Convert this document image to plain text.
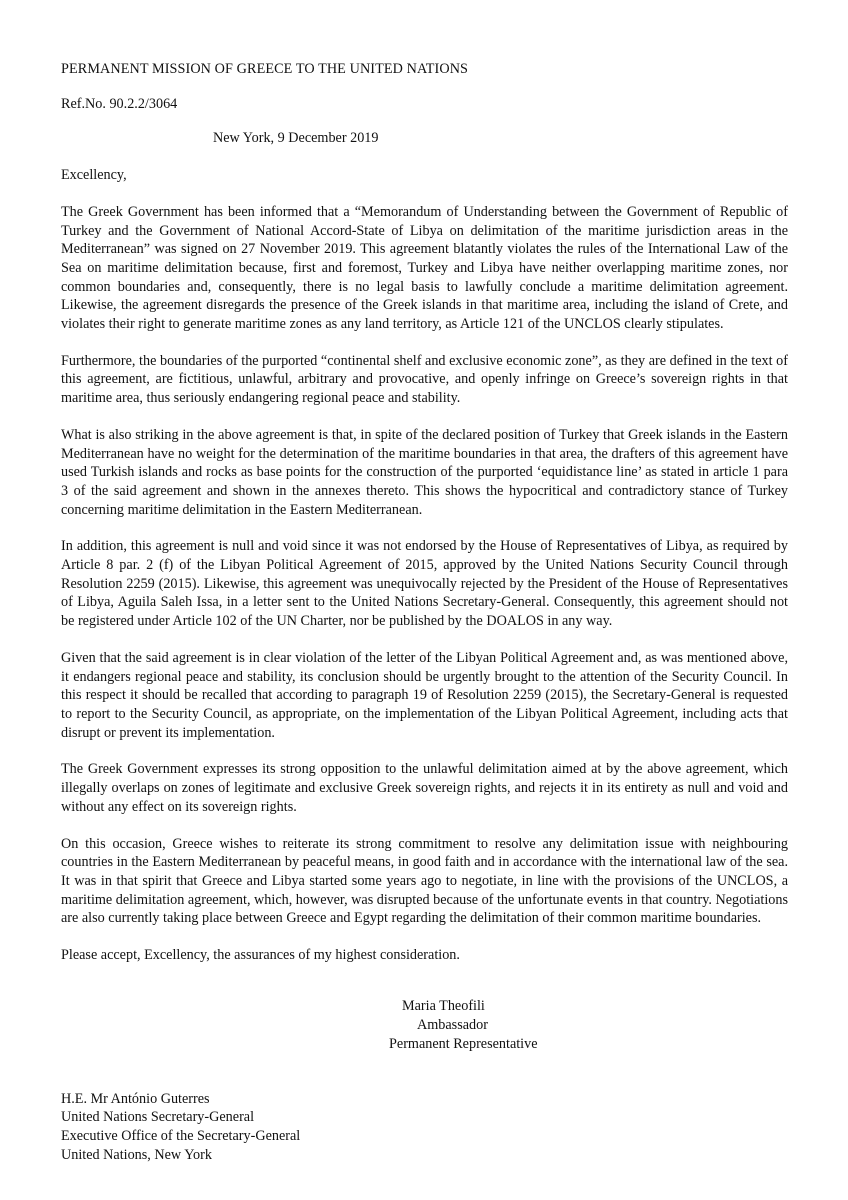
PERMANENT MISSION OF GREECE TO THE UNITED NATIONS
Ref.No. 90.2.2/3064
New York, 9 December 2019
Excellency,

The Greek Government has been informed that a “Memorandum of Understanding between the Government of Republic of Turkey and the Government of National Accord-State of Libya on delimitation of the maritime jurisdiction areas in the Mediterranean” was signed on 27 November 2019. This agreement blatantly violates the rules of the International Law of the Sea on maritime delimitation because, first and foremost, Turkey and Libya have neither overlapping maritime zones, nor common boundaries and, consequently, there is no legal basis to lawfully conclude a maritime delimitation agreement. Likewise, the agreement disregards the presence of the Greek islands in that maritime area, including the island of Crete, and violates their right to generate maritime zones as any land territory, as Article 121 of the UNCLOS clearly stipulates.

Furthermore, the boundaries of the purported “continental shelf and exclusive economic zone”, as they are defined in the text of this agreement, are fictitious, unlawful, arbitrary and provocative, and openly infringe on Greece’s sovereign rights in that maritime area, thus seriously endangering regional peace and stability.

What is also striking in the above agreement is that, in spite of the declared position of Turkey that Greek islands in the Eastern Mediterranean have no weight for the determination of the maritime boundaries in that area, the drafters of this agreement have used Turkish islands and rocks as base points for the construction of the purported ‘equidistance line’ as stated in article 1 para 3 of the said agreement and shown in the annexes thereto. This shows the hypocritical and contradictory stance of Turkey concerning maritime delimitation in the Eastern Mediterranean.

In addition, this agreement is null and void since it was not endorsed by the House of Representatives of Libya, as required by Article 8 par. 2 (f) of the Libyan Political Agreement of 2015, approved by the United Nations Security Council through Resolution 2259 (2015). Likewise, this agreement was unequivocally rejected by the President of the House of Representatives of Libya, Aguila Saleh Issa, in a letter sent to the United Nations Secretary-General. Consequently, this agreement should not be registered under Article 102 of the UN Charter, nor be published by the DOALOS in any way.

Given that the said agreement is in clear violation of the letter of the Libyan Political Agreement and, as was mentioned above, it endangers regional peace and stability, its conclusion should be urgently brought to the attention of the Security Council. In this respect it should be recalled that according to paragraph 19 of Resolution 2259 (2015), the Secretary-General is requested to report to the Security Council, as appropriate, on the implementation of the Libyan Political Agreement, including acts that disrupt or prevent its implementation.

The Greek Government expresses its strong opposition to the unlawful delimitation aimed at by the above agreement, which illegally overlaps on zones of legitimate and exclusive Greek sovereign rights, and rejects it in its entirety as null and void and without any effect on its sovereign rights.

On this occasion, Greece wishes to reiterate its strong commitment to resolve any delimitation issue with neighbouring countries in the Eastern Mediterranean by peaceful means, in good faith and in accordance with the international law of the sea. It was in that spirit that Greece and Libya started some years ago to negotiate, in line with the provisions of the UNCLOS, a maritime delimitation agreement, which, however, was disrupted because of the unfortunate events in that country. Negotiations are also currently taking place between Greece and Egypt regarding the delimitation of their common maritime boundaries.

Please accept, Excellency, the assurances of my highest consideration.
Maria Theofili
Ambassador
Permanent Representative
H.E. Mr António Guterres
United Nations Secretary-General
Executive Office of the Secretary-General
United Nations, New York
